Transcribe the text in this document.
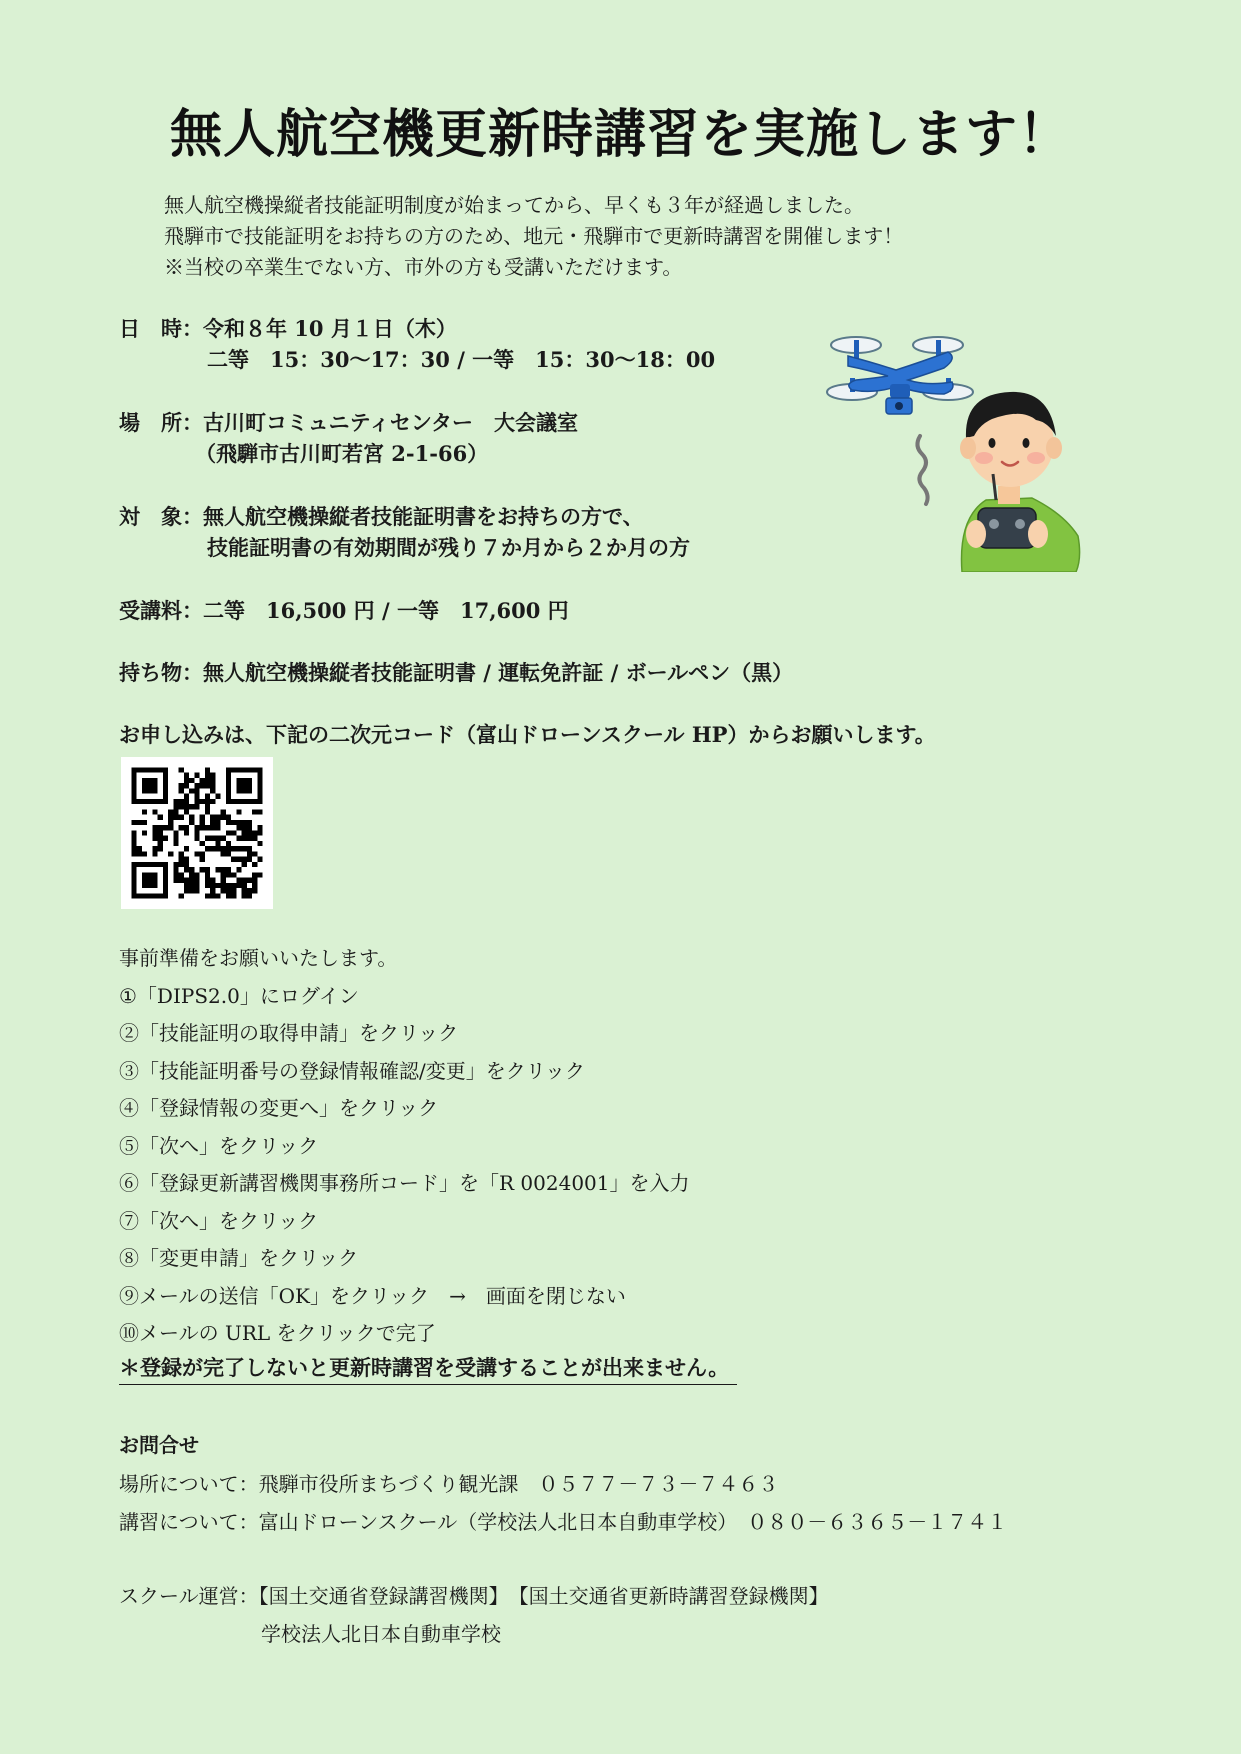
無人航空機更新時講習を実施します！
無人航空機操縦者技能証明制度が始まってから、早くも３年が経過しました。
飛騨市で技能証明をお持ちの方のため、地元・飛騨市で更新時講習を開催します！
※当校の卒業生でない方、市外の方も受講いただけます。
日　時：令和８年 10 月１日（木）
二等　15：30～17：30 / 一等　15：30～18：00
場　所：古川町コミュニティセンター　大会議室
（飛騨市古川町若宮 2-1-66）
対　象：無人航空機操縦者技能証明書をお持ちの方で、
技能証明書の有効期間が残り７か月から２か月の方
受講料：二等　16,500 円 / 一等　17,600 円
持ち物：無人航空機操縦者技能証明書 / 運転免許証 / ボールペン（黒）
お申し込みは、下記の二次元コード（富山ドローンスクール HP）からお願いします。
事前準備をお願いいたします。
①「DIPS2.0」にログイン
②「技能証明の取得申請」をクリック
③「技能証明番号の登録情報確認/変更」をクリック
④「登録情報の変更へ」をクリック
⑤「次へ」をクリック
⑥「登録更新講習機関事務所コード」を「R 0024001」を入力
⑦「次へ」をクリック
⑧「変更申請」をクリック
⑨メールの送信「OK」をクリック　→　画面を閉じない
⑩メールの URL をクリックで完了
＊登録が完了しないと更新時講習を受講することが出来ません。
お問合せ
場所について：飛騨市役所まちづくり観光課　０５７７－７３－７４６３
講習について：富山ドローンスクール（学校法人北日本自動車学校）　０８０－６３６５－１７４１
スクール運営：【国土交通省登録講習機関】　【国土交通省更新時講習登録機関】
学校法人北日本自動車学校
